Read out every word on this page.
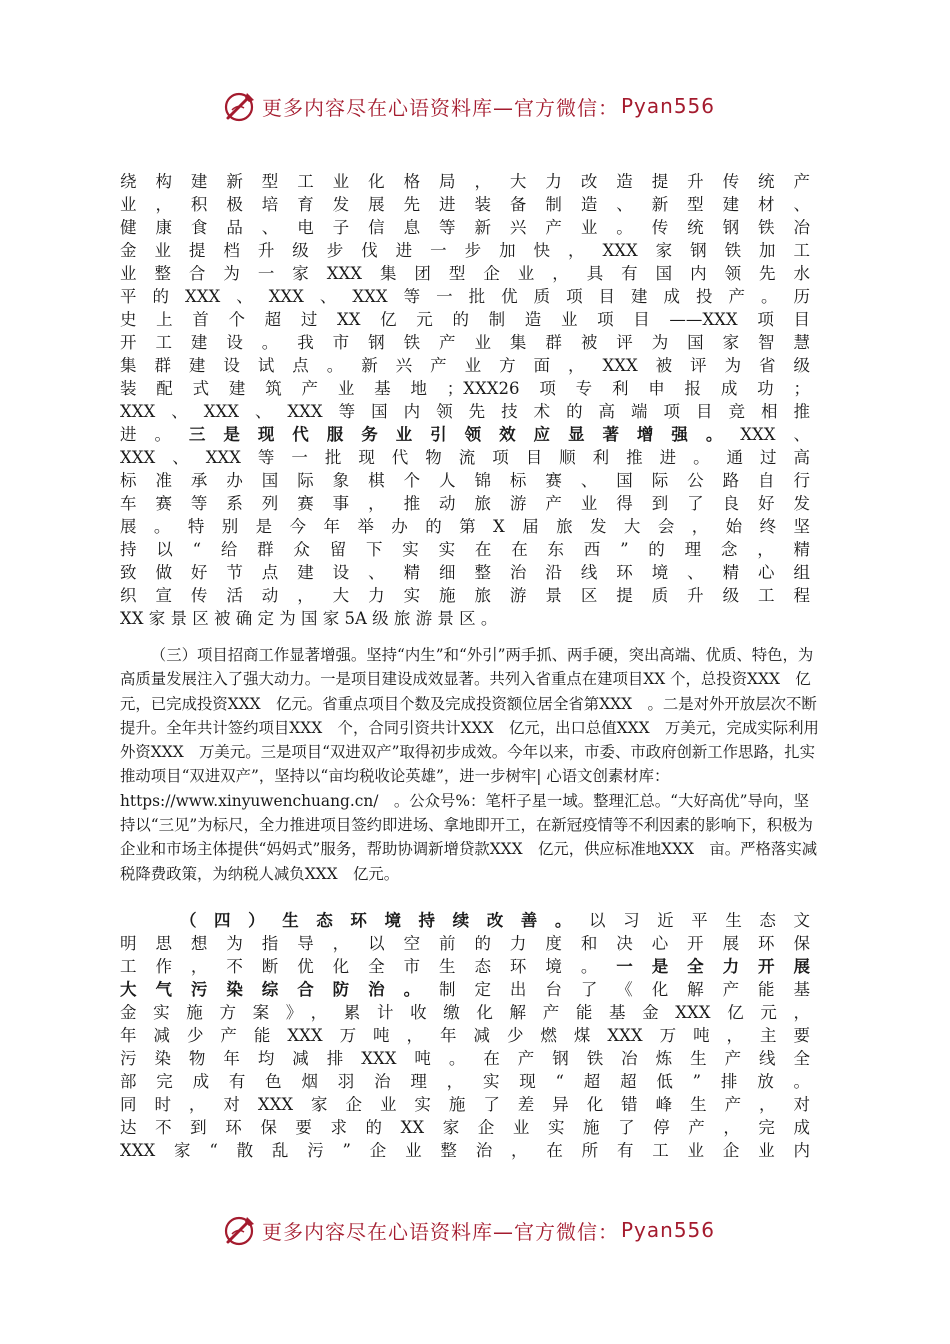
更多内容尽在心语资料库—官方微信： Pyan556

绕构建新型工业化格局，大力改造提升传统产

业，积极培育发展先进装备制造、新型建材、

健康食品、电子信息等新兴产业。传统钢铁冶

金业提档升级步伐进一步加快，XXX家钢铁加工

业整合为一家XXX集团型企业，具有国内领先水

平的XXX、XXX、XXX等一批优质项目建成投产。历

史上首个超过XX亿元的制造业项目——XXX项目

开工建设。我市钢铁产业集群被评为国家智慧

集群建设试点。新兴产业方面，XXX被评为省级

装配式建筑产业基地；XXX26项专利申报成功；

XXX、XXX、XXX等国内领先技术的高端项目竞相推

进。三是现代服务业引领效应显著增强。XXX、

XXX、XXX等一批现代物流项目顺利推进。通过高

标准承办国际象棋个人锦标赛、国际公路自行

车赛等系列赛事，推动旅游产业得到了良好发

展。特别是今年举办的第X届旅发大会，始终坚

持以“给群众留下实实在在东西”的理念，精

致做好节点建设、精细整治沿线环境、精心组

织宣传活动，大力实施旅游景区提质升级工程

XX 家 景 区 被 确 定 为 国 家 5A 级 旅 游 景 区 。

（三）项目招商工作显著增强。坚持“内生”和“外引”两手抓、两手硬，突出高端、优质、特色，为高质量发展注入了强大动力。一是项目建设成效显著。共列入省重点在建项目XX 个，总投资XXX　亿元，已完成投资XXX　亿元。省重点项目个数及完成投资额位居全省第XXX　。二是对外开放层次不断提升。全年共计签约项目XXX　个，合同引资共计XXX　亿元，出口总值XXX　万美元，完成实际利用外资XXX　万美元。三是项目“双进双产”取得初步成效。今年以来，市委、市政府创新工作思路，扎实推动项目“双进双产”，坚持以“亩均税收论英雄”，进一步树牢| 心语文创素材库：https://www.xinyuwenchuang.cn/　。公众号%：笔杆子星一域。整理汇总。“大好高优”导向，坚持以“三见”为标尺，全力推进项目签约即进场、拿地即开工，在新冠疫情等不利因素的影响下，积极为企业和市场主体提供“妈妈式”服务，帮助协调新增贷款XXX　亿元，供应标准地XXX　亩。严格落实减税降费政策，为纳税人减负XXX　亿元。

　　（四）生态环境持续改善。以习近平生态文

明思想为指导，以空前的力度和决心开展环保

工作，不断优化全市生态环境。一是全力开展

大气污染综合防治。制定出台了《化解产能基

金实施方案》，累计收缴化解产能基金XXX亿元，

年减少产能XXX万吨，年减少燃煤XXX万吨，主要

污染物年均减排XXX吨。在产钢铁冶炼生产线全

部完成有色烟羽治理，实现“超超低”排放。

同时，对XXX家企业实施了差异化错峰生产，对

达不到环保要求的XX家企业实施了停产，完成

XXX家“散乱污”企业整治，在所有工业企业内

更多内容尽在心语资料库—官方微信： Pyan556
